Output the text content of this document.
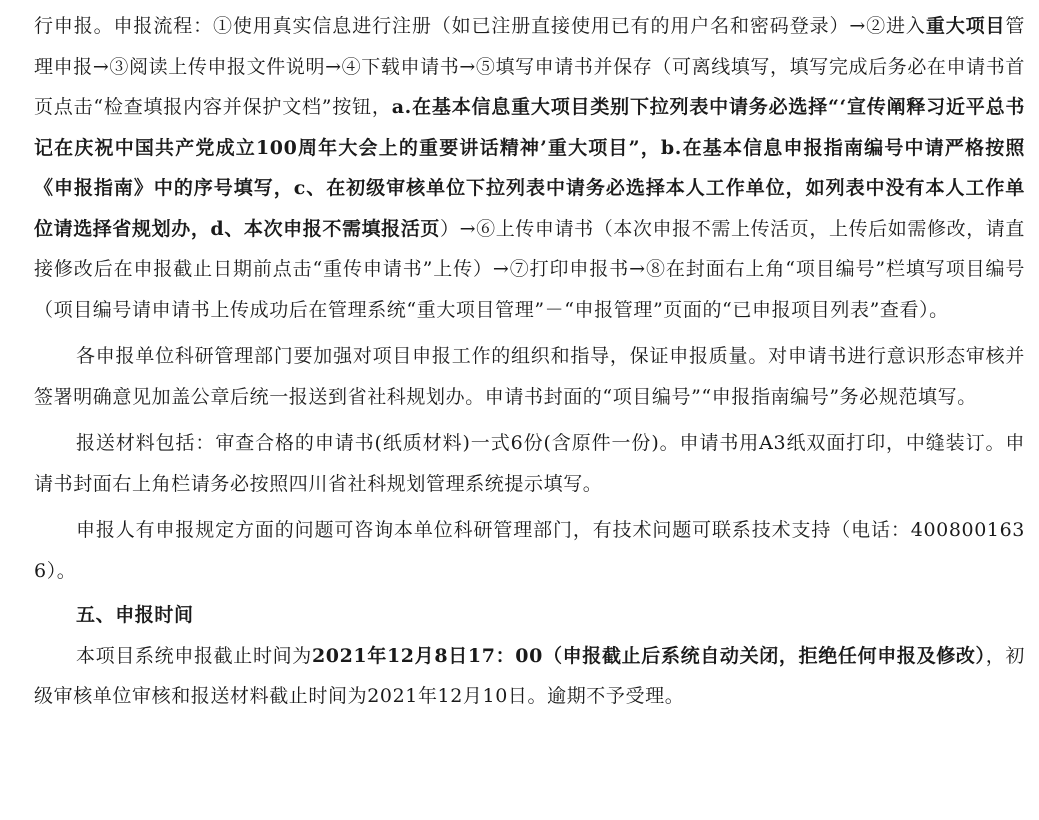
行申报。申报流程：①使用真实信息进行注册（如已注册直接使用已有的用户名和密码登录）→②进入重大项目管理申报→③阅读上传申报文件说明→④下载申请书→⑤填写申请书并保存（可离线填写，填写完成后务必在申请书首页点击“检查填报内容并保护文档”按钮，a.在基本信息重大项目类别下拉列表中请务必选择“‘宣传阐释习近平总书记在庆祝中国共产党成立100周年大会上的重要讲话精神’重大项目”，b.在基本信息申报指南编号中请严格按照《申报指南》中的序号填写，c、在初级审核单位下拉列表中请务必选择本人工作单位，如列表中没有本人工作单位请选择省规划办，d、本次申报不需填报活页）→⑥上传申请书（本次申报不需上传活页，上传后如需修改，请直接修改后在申报截止日期前点击“重传申请书”上传）→⑦打印申报书→⑧在封面右上角“项目编号”栏填写项目编号（项目编号请申请书上传成功后在管理系统“重大项目管理”－“申报管理”页面的“已申报项目列表”查看）。

各申报单位科研管理部门要加强对项目申报工作的组织和指导，保证申报质量。对申请书进行意识形态审核并签署明确意见加盖公章后统一报送到省社科规划办。申请书封面的“项目编号”“申报指南编号”务必规范填写。

报送材料包括：审查合格的申请书(纸质材料)一式6份(含原件一份)。申请书用A3纸双面打印，中缝装订。申请书封面右上角栏请务必按照四川省社科规划管理系统提示填写。

申报人有申报规定方面的问题可咨询本单位科研管理部门，有技术问题可联系技术支持（电话：4008001636）。

五、申报时间

本项目系统申报截止时间为2021年12月8日17：00（申报截止后系统自动关闭，拒绝任何申报及修改），初级审核单位审核和报送材料截止时间为2021年12月10日。逾期不予受理。
